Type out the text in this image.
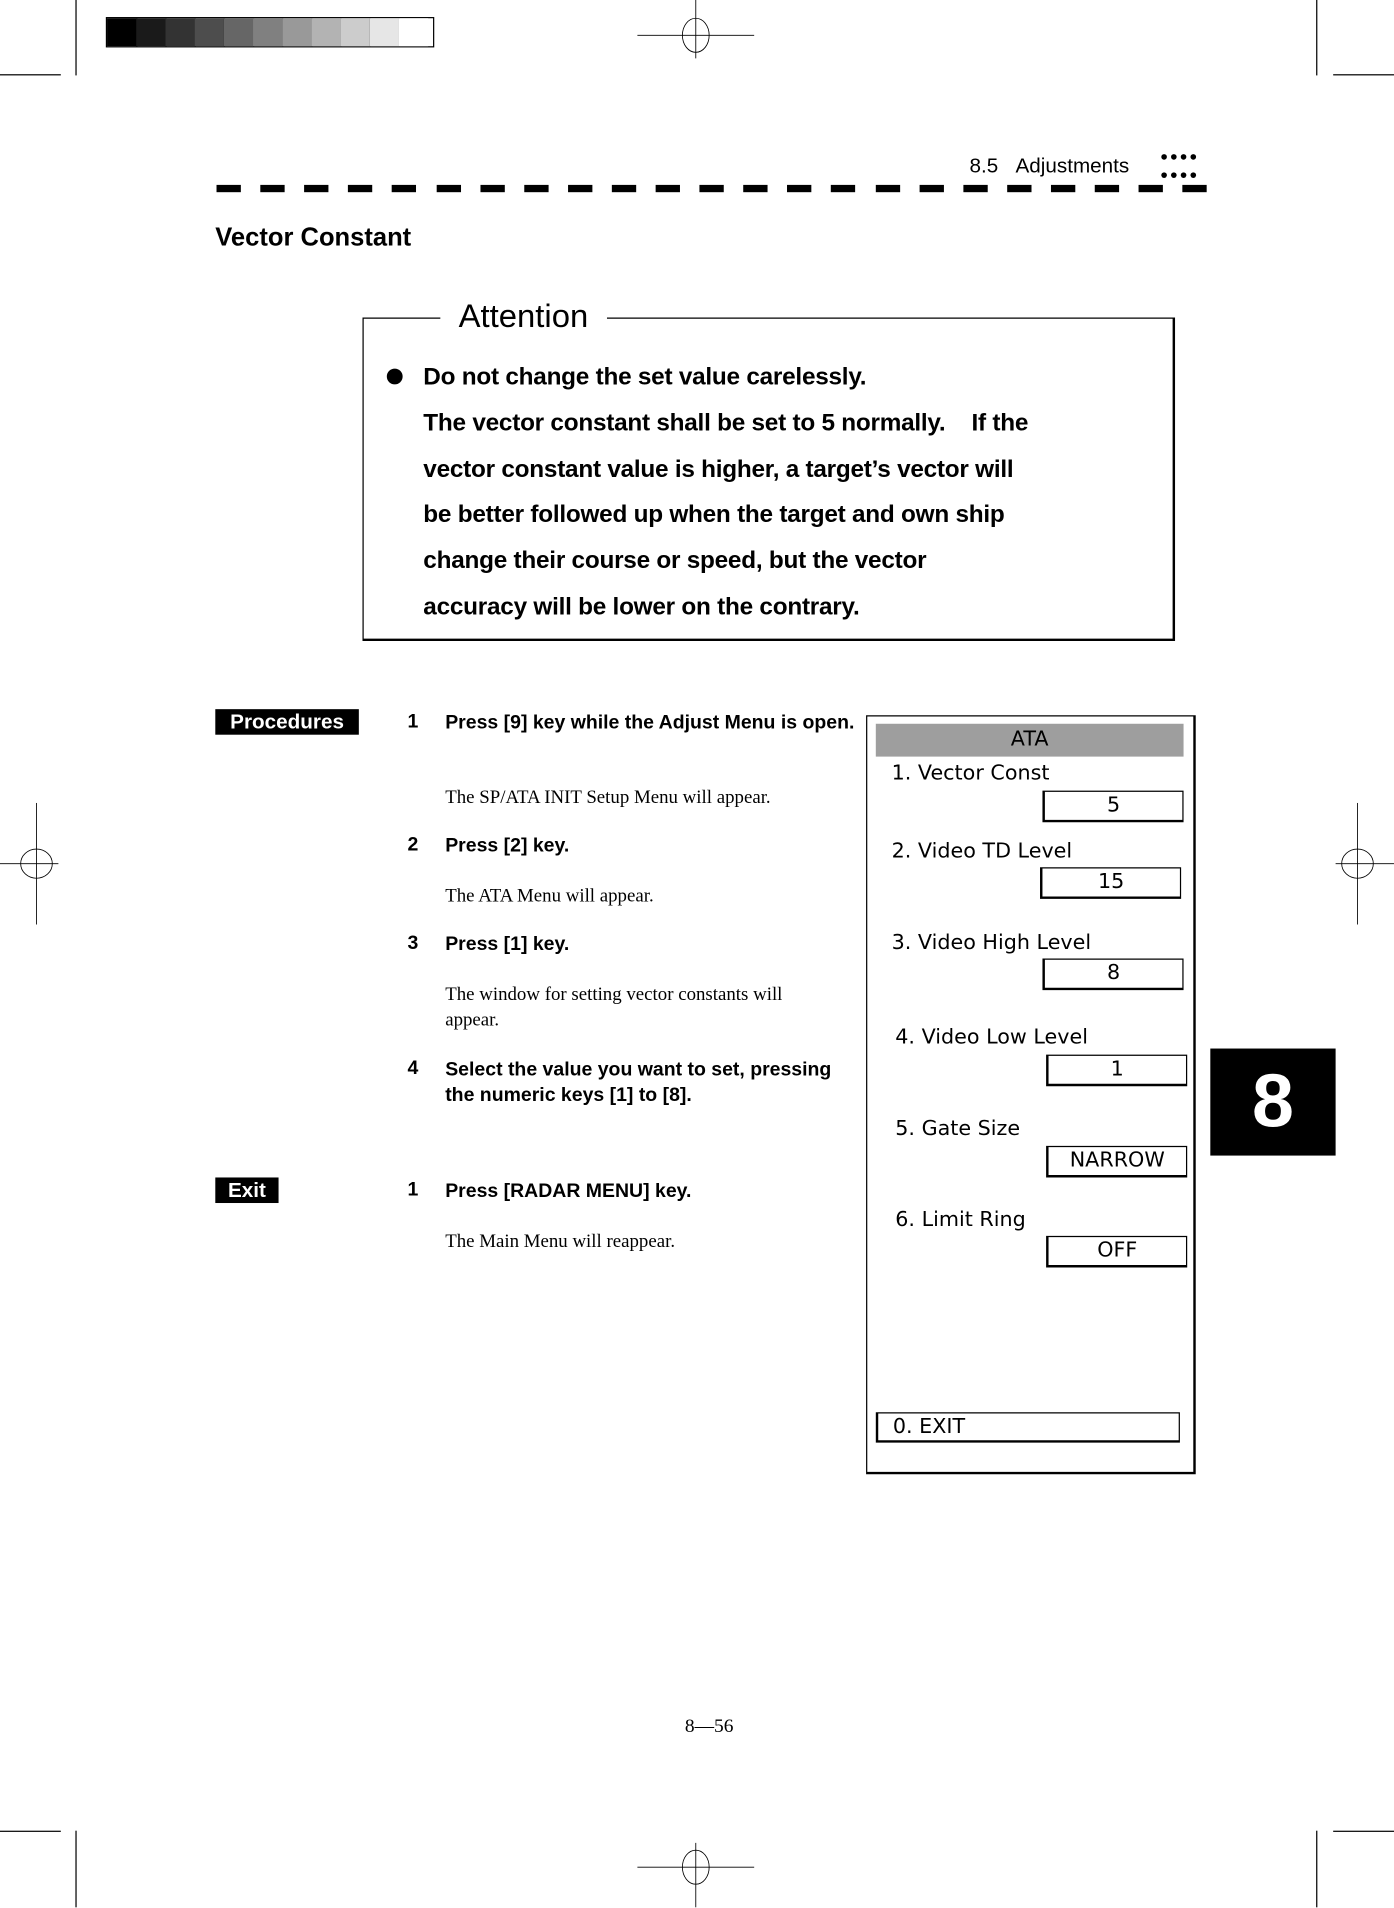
8.5 Adjustments
Vector Constant
Attention
Do not change the set value carelessly.
The vector constant shall be set to 5 normally.    If the
vector constant value is higher, a target’s vector will
be better followed up when the target and own ship
change their course or speed, but the vector
accuracy will be lower on the contrary.
Procedures	1 Press [9] key while the Adjust Menu is open.
The SP/ATA INIT Setup Menu will appear.
2 Press [2] key.
The ATA Menu will appear.
3 Press [1] key.
The window for setting vector constants will appear.
4 Select the value you want to set, pressing the numeric keys [1] to [8].
Exit	1 Press [RADAR MENU] key.
The Main Menu will reappear.
ATA
1. Vector Const
5
2. Video TD Level
15
3. Video High Level
8
4. Video Low Level
1
5. Gate Size
NARROW
6. Limit Ring
OFF
0. EXIT
8
8—56
